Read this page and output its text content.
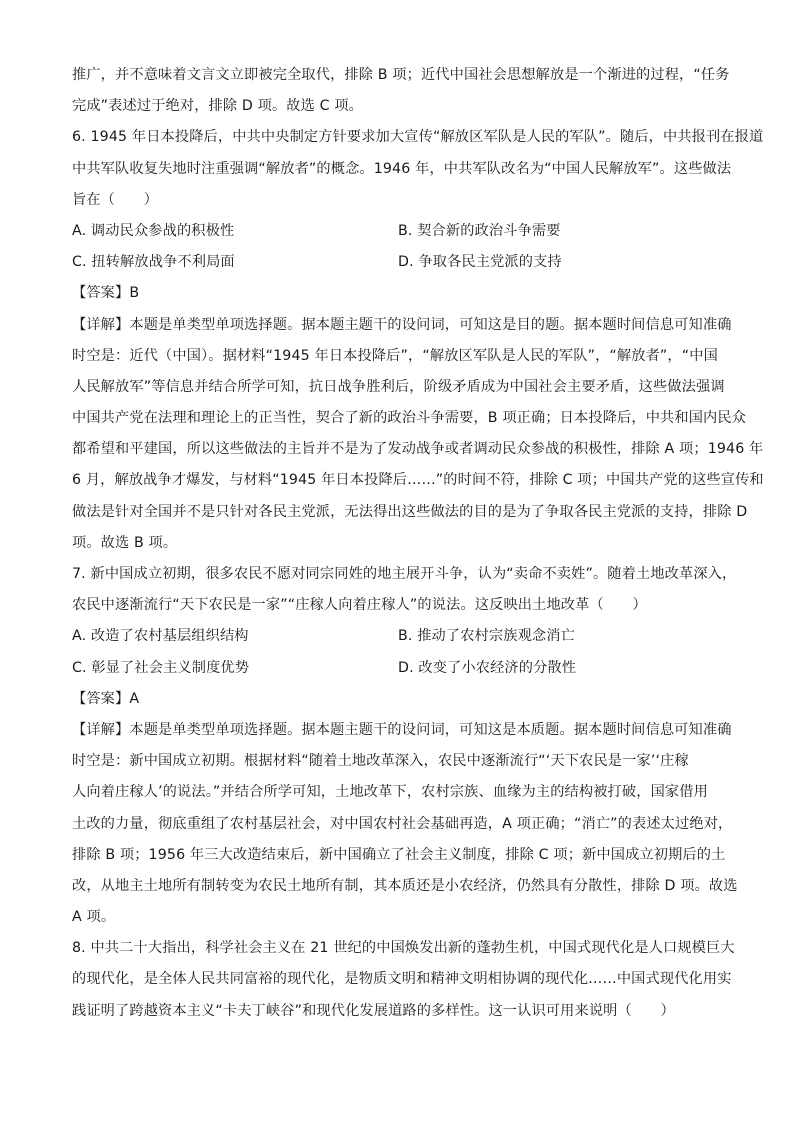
推广，并不意味着文言文立即被完全取代，排除 B 项；近代中国社会思想解放是一个渐进的过程，“任务
完成”表述过于绝对，排除 D 项。故选 C 项。
6. 1945 年日本投降后，中共中央制定方针要求加大宣传“解放区军队是人民的军队”。随后，中共报刊在报道
中共军队收复失地时注重强调“解放者”的概念。1946 年，中共军队改名为“中国人民解放军”。这些做法
旨在（　　）
A. 调动民众参战的积极性	B. 契合新的政治斗争需要
C. 扭转解放战争不利局面	D. 争取各民主党派的支持
【答案】B
【详解】本题是单类型单项选择题。据本题主题干的设问词，可知这是目的题。据本题时间信息可知准确
时空是：近代（中国）。据材料“1945 年日本投降后”，“解放区军队是人民的军队”，“解放者”，“中国
人民解放军”等信息并结合所学可知，抗日战争胜利后，阶级矛盾成为中国社会主要矛盾，这些做法强调
中国共产党在法理和理论上的正当性，契合了新的政治斗争需要，B 项正确；日本投降后，中共和国内民众
都希望和平建国，所以这些做法的主旨并不是为了发动战争或者调动民众参战的积极性，排除 A 项；1946 年
6 月，解放战争才爆发，与材料“1945 年日本投降后……”的时间不符，排除 C 项；中国共产党的这些宣传和
做法是针对全国并不是只针对各民主党派，无法得出这些做法的目的是为了争取各民主党派的支持，排除 D
项。故选 B 项。
7. 新中国成立初期，很多农民不愿对同宗同姓的地主展开斗争，认为“卖命不卖姓”。随着土地改革深入，
农民中逐渐流行“天下农民是一家”“庄稼人向着庄稼人”的说法。这反映出土地改革（　　）
A. 改造了农村基层组织结构	B. 推动了农村宗族观念消亡
C. 彰显了社会主义制度优势	D. 改变了小农经济的分散性
【答案】A
【详解】本题是单类型单项选择题。据本题主题干的设问词，可知这是本质题。据本题时间信息可知准确
时空是：新中国成立初期。根据材料“随着土地改革深入，农民中逐渐流行“‘天下农民是一家’‘庄稼
人向着庄稼人’的说法。”并结合所学可知，土地改革下，农村宗族、血缘为主的结构被打破，国家借用
土改的力量，彻底重组了农村基层社会，对中国农村社会基础再造，A 项正确；“消亡”的表述太过绝对，
排除 B 项；1956 年三大改造结束后，新中国确立了社会主义制度，排除 C 项；新中国成立初期后的土
改，从地主土地所有制转变为农民土地所有制，其本质还是小农经济，仍然具有分散性，排除 D 项。故选
A 项。
8. 中共二十大指出，科学社会主义在 21 世纪的中国焕发出新的蓬勃生机，中国式现代化是人口规模巨大
的现代化，是全体人民共同富裕的现代化，是物质文明和精神文明相协调的现代化……中国式现代化用实
践证明了跨越资本主义“卡夫丁峡谷”和现代化发展道路的多样性。这一认识可用来说明（　　）
